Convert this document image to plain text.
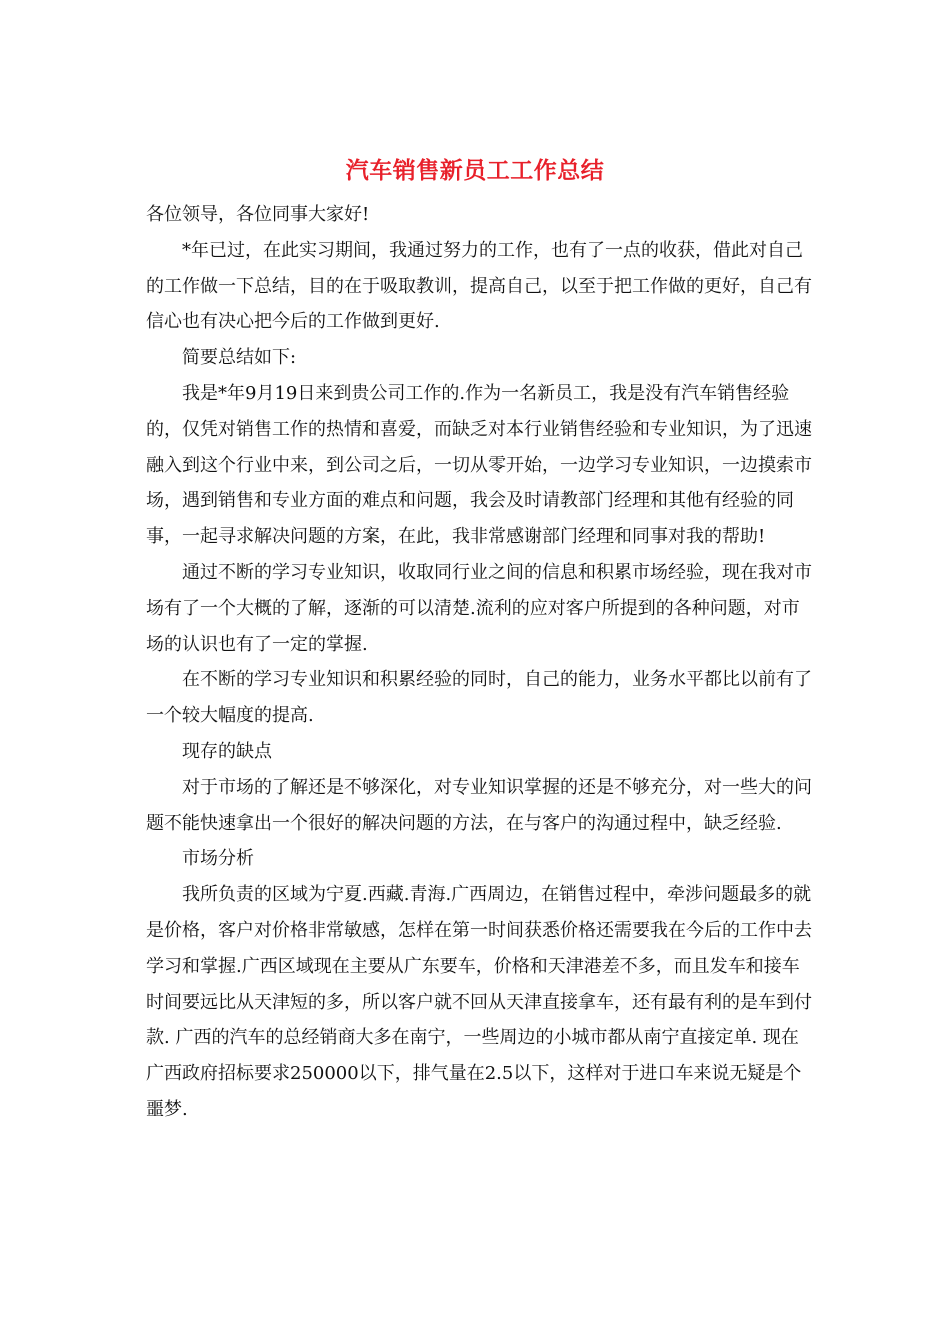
汽车销售新员工工作总结

各位领导，各位同事大家好!

*年已过，在此实习期间，我通过努力的工作，也有了一点的收获，借此对自己的工作做一下总结，目的在于吸取教训，提高自己，以至于把工作做的更好，自己有信心也有决心把今后的工作做到更好.

简要总结如下:

我是*年9月19日来到贵公司工作的.作为一名新员工，我是没有汽车销售经验的，仅凭对销售工作的热情和喜爱，而缺乏对本行业销售经验和专业知识，为了迅速融入到这个行业中来，到公司之后，一切从零开始，一边学习专业知识，一边摸索市场，遇到销售和专业方面的难点和问题，我会及时请教部门经理和其他有经验的同事，一起寻求解决问题的方案，在此，我非常感谢部门经理和同事对我的帮助!

通过不断的学习专业知识，收取同行业之间的信息和积累市场经验，现在我对市场有了一个大概的了解，逐渐的可以清楚.流利的应对客户所提到的各种问题，对市场的认识也有了一定的掌握.

在不断的学习专业知识和积累经验的同时，自己的能力，业务水平都比以前有了一个较大幅度的提高.

现存的缺点

对于市场的了解还是不够深化，对专业知识掌握的还是不够充分，对一些大的问题不能快速拿出一个很好的解决问题的方法，在与客户的沟通过程中，缺乏经验.

市场分析

我所负责的区域为宁夏.西藏.青海.广西周边，在销售过程中，牵涉问题最多的就是价格，客户对价格非常敏感，怎样在第一时间获悉价格还需要我在今后的工作中去学习和掌握.广西区域现在主要从广东要车，价格和天津港差不多，而且发车和接车时间要远比从天津短的多，所以客户就不回从天津直接拿车，还有最有利的是车到付款. 广西的汽车的总经销商大多在南宁，一些周边的小城市都从南宁直接定单. 现在广西政府招标要求250000以下，排气量在2.5以下，这样对于进口车来说无疑是个噩梦.
